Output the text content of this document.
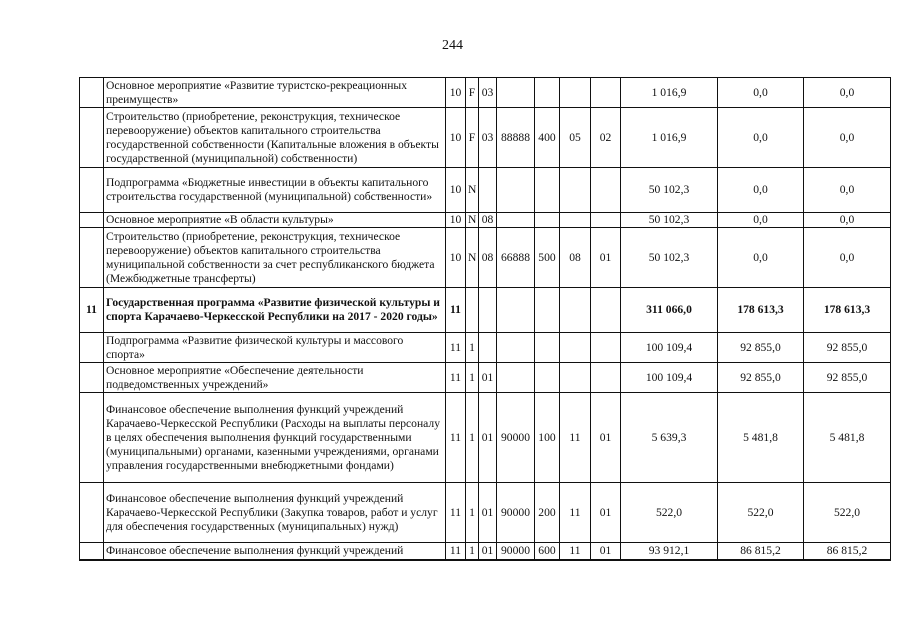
244
	Основное мероприятие «Развитие туристско-рекреационных преимуществ»	10	F	03					1 016,9	0,0	0,0
	Строительство (приобретение, реконструкция, техническое перевооружение) объектов капитального строительства государственной собственности (Капитальные вложения в объекты государственной (муниципальной) собственности)	10	F	03	88888	400	05	02	1 016,9	0,0	0,0
	Подпрограмма «Бюджетные инвестиции в объекты капитального строительства государственной (муниципальной) собственности»	10	N						50 102,3	0,0	0,0
	Основное мероприятие «В области культуры»	10	N	08					50 102,3	0,0	0,0
	Строительство (приобретение, реконструкция, техническое перевооружение) объектов капитального строительства муниципальной собственности за счет республиканского бюджета (Межбюджетные трансферты)	10	N	08	66888	500	08	01	50 102,3	0,0	0,0
11	Государственная программа «Развитие физической культуры и спорта Карачаево-Черкесской Республики на 2017 - 2020 годы»	11							311 066,0	178 613,3	178 613,3
	Подпрограмма «Развитие физической культуры и массового спорта»	11	1						100 109,4	92 855,0	92 855,0
	Основное мероприятие «Обеспечение деятельности подведомственных учреждений»	11	1	01					100 109,4	92 855,0	92 855,0
	Финансовое обеспечение выполнения функций учреждений Карачаево-Черкесской Республики (Расходы на выплаты персоналу в целях обеспечения выполнения функций государственными (муниципальными) органами, казенными учреждениями, органами управления государственными внебюджетными фондами)	11	1	01	90000	100	11	01	5 639,3	5 481,8	5 481,8
	Финансовое обеспечение выполнения функций учреждений Карачаево-Черкесской Республики (Закупка товаров, работ и услуг для обеспечения государственных (муниципальных) нужд)	11	1	01	90000	200	11	01	522,0	522,0	522,0
	Финансовое обеспечение выполнения функций учреждений	11	1	01	90000	600	11	01	93 912,1	86 815,2	86 815,2
